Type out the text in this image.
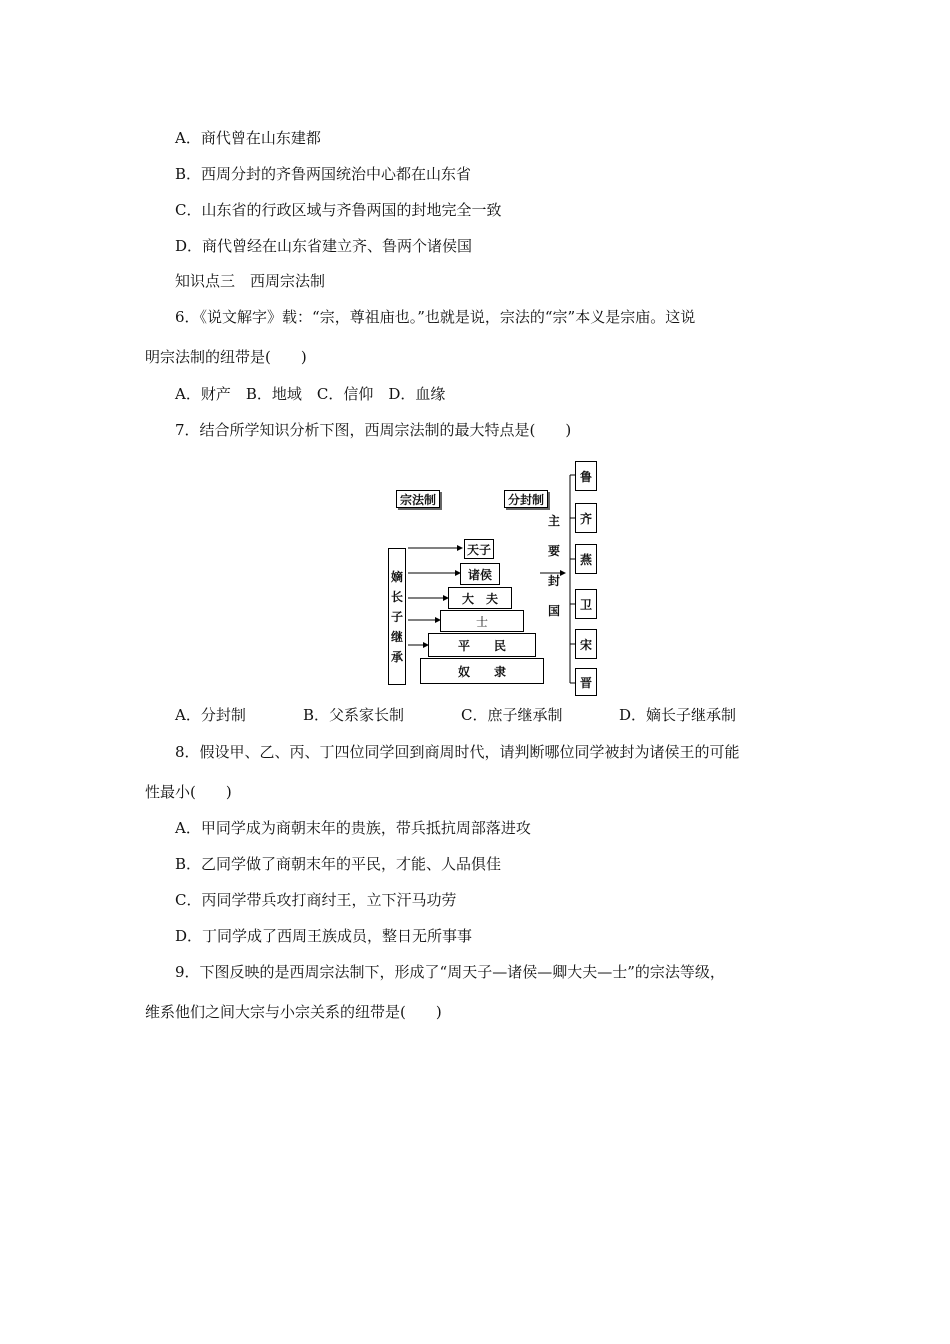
A．商代曾在山东建都
B．西周分封的齐鲁两国统治中心都在山东省
C．山东省的行政区域与齐鲁两国的封地完全一致
D．商代曾经在山东省建立齐、鲁两个诸侯国
知识点三　西周宗法制
6．《说文解字》载：“宗，尊祖庙也。”也就是说，宗法的“宗”本义是宗庙。这说
明宗法制的纽带是(　　)
A．财产　B．地域　C．信仰　D．血缘
7．结合所学知识分析下图，西周宗法制的最大特点是(　　)
宗法制	分封制
嫡
长
子
继
承
天子
诸侯
大　夫
士
平　　民
奴　　隶
主
要
封
国
鲁
齐
燕
卫
宋
晋
A．分封制	B．父系家长制	C．庶子继承制	D．嫡长子继承制
8．假设甲、乙、丙、丁四位同学回到商周时代，请判断哪位同学被封为诸侯王的可能
性最小(　　)
A．甲同学成为商朝末年的贵族，带兵抵抗周部落进攻
B．乙同学做了商朝末年的平民，才能、人品俱佳
C．丙同学带兵攻打商纣王，立下汗马功劳
D．丁同学成了西周王族成员，整日无所事事
9．下图反映的是西周宗法制下，形成了“周天子—诸侯—卿大夫—士”的宗法等级，
维系他们之间大宗与小宗关系的纽带是(　　)
